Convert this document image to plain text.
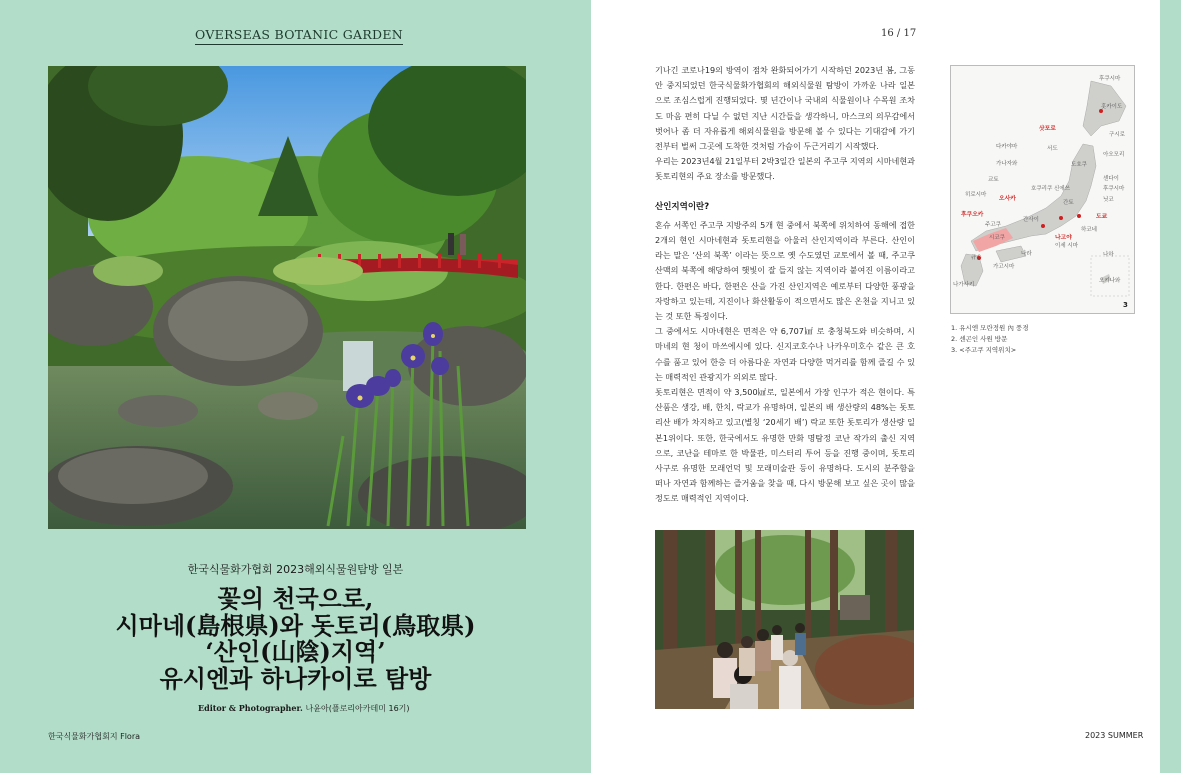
OVERSEAS BOTANIC GARDEN
한국식물화가협회 2023해외식물원탐방 일본
꽃의 천국으로,
시마네(島根県)와 돗토리(鳥取県)
‘산인(山陰)지역’
유시엔과 하나카이로 탐방
Editor & Photographer. 나윤아(플로리아카데미 16기)
한국식물화가협회지 Flora
16 / 17

기나긴 코로나19의 방역이 점차 완화되어가기 시작하던 2023년 봄, 그동안 중지되었던 한국식물화가협회의 해외식물원 탐방이 가까운 나라 일본으로 조심스럽게 진행되었다. 몇 년간이나 국내의 식물원이나 수목원 조차도 마음 편히 다닐 수 없던 지난 시간들을 생각하니, 마스크의 의무감에서 벗어나 좀 더 자유롭게 해외식물원을 방문해 볼 수 있다는 기대감에 가기 전부터 벌써 그곳에 도착한 것처럼 가슴이 두근거리기 시작했다.

우리는 2023년4월 21일부터 2박3일간 일본의 주고쿠 지역의 시마네현과 돗토리현의 주요 장소를 방문했다.

산인지역이란?

혼슈 서쪽인 주고쿠 지방주의 5개 현 중에서 북쪽에 위치하여 동해에 접한 2개의 현인 시마네현과 돗토리현을 아울러 산인지역이라 부른다. 산인이라는 말은 ‘산의 북쪽’ 이라는 뜻으로 옛 수도였던 교토에서 볼 때, 주고쿠 산맥의 북쪽에 해당하여 햇빛이 잘 들지 않는 지역이라 붙여진 이름이라고 한다. 한편은 바다, 한편은 산을 가진 산인지역은 예로부터 다양한 풍광을 자랑하고 있는데, 지진이나 화산활동이 적으면서도 많은 온천을 지니고 있는 것 또한 특징이다.

그 중에서도 시마네현은 면적은 약 6,707㎢ 로 충청북도와 비슷하며, 시마네의 현 청이 마쓰에시에 있다. 신지코호수나 나카우미호수 같은 큰 호수를 품고 있어 한층 더 아름다운 자연과 다양한 먹거리를 함께 즐길 수 있는 매력적인 관광지가 의외로 많다.

돗토리현은 면적이 약 3,500㎢로, 일본에서 가장 인구가 적은 현이다. 특산품은 생강, 배, 한치, 락교가 유명하며, 일본의 배 생산량의 48%는 돗토리산 배가 차지하고 있고(별칭 ‘20세기 배’) 락교 또한 돗토리가 생산량 일본1위이다. 또한, 한국에서도 유명한 만화 명탐정 코난 작가의 출신 지역으로, 코난을 테마로 한 박물관, 미스터리 투어 등을 진행 중이며, 돗토리 사구로 유명한 모래언덕 및 모래미술관 등이 유명하다. 도시의 분주함을 떠나 자연과 함께하는 즐거움을 찾을 때, 다시 방문해 보고 싶은 곳이 많을 정도로 매력적인 지역이다.

후쿠시마
홋카이도
구시로
아오모리
다카야마
도호쿠
가나자와
센다이
교토
호쿠리쿠 신에쓰	후쿠시마
히로시마
닛코
간토
주고쿠
시코쿠
간사이
하코네
이세 시마
나라
규슈
가고시마
나하
오키나와
나가사키
서도
삿포로
오사카
도쿄
후쿠오카
나고야
3
1. 유시엔 모란정원 內 풍경
2. 센곤인 사원 방문
3. <주고쿠 지역위치>
2023 SUMMER
